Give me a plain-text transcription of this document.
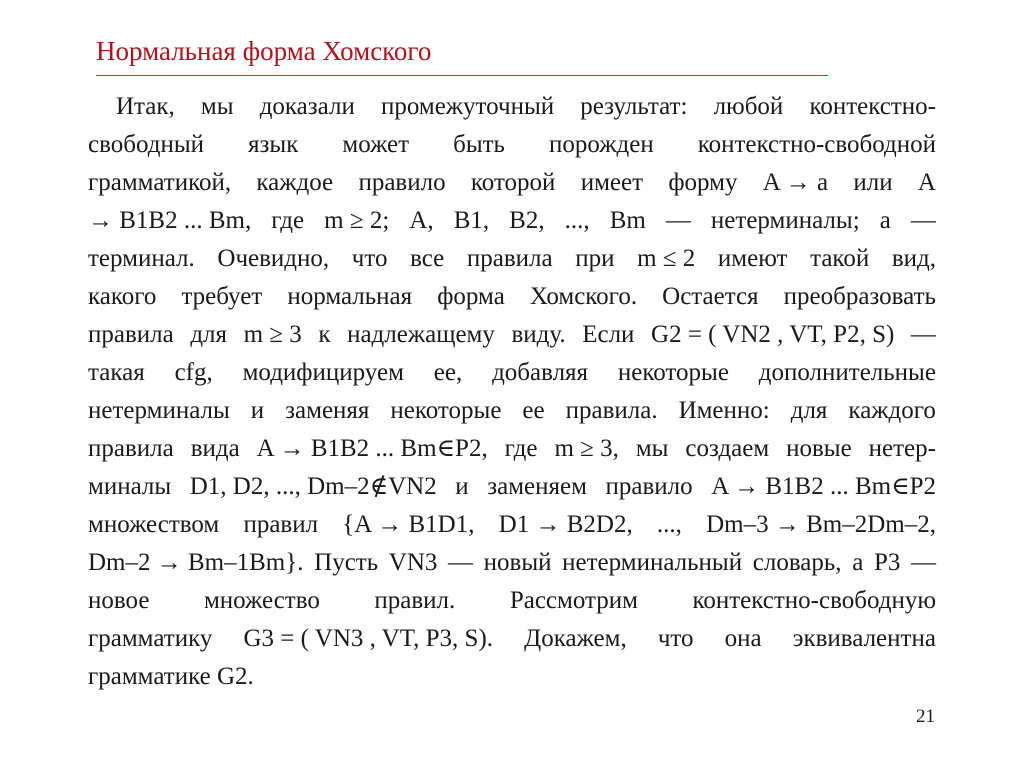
Нормальная форма Хомского
Итак, мы доказали промежуточный результат: любой контекстно-
свободный язык может быть порожден контекстно-свободной
грамматикой, каждое правило которой имеет форму A → a или A
→ B1B2 ... Bm, где m ≥ 2; A, B1, B2, ..., Bm — нетерминалы; a —
терминал. Очевидно, что все правила при m ≤ 2 имеют такой вид,
какого требует нормальная форма Хомского. Остается преобразовать
правила для m ≥ 3 к надлежащему виду. Если G2 = ( VN2 , VT, P2, S) —
такая cfg, модифицируем ее, добавляя некоторые дополнительные
нетерминалы и заменяя некоторые ее правила. Именно: для каждого
правила вида A → B1B2 ... Bm∈P2, где m ≥ 3, мы создаем новые нетер-
миналы D1, D2, ..., Dm–2∉VN2 и заменяем правило A → B1B2 ... Bm∈P2
множеством правил {A → B1D1, D1 → B2D2, ..., Dm–3 → Bm–2Dm–2,
Dm–2 → Bm–1Bm}. Пусть VN3 — новый нетерминальный словарь, а P3 —
новое множество правил. Рассмотрим контекстно-свободную
грамматику G3 = ( VN3 , VT, P3, S). Докажем, что она эквивалентна
грамматике G2.
21
